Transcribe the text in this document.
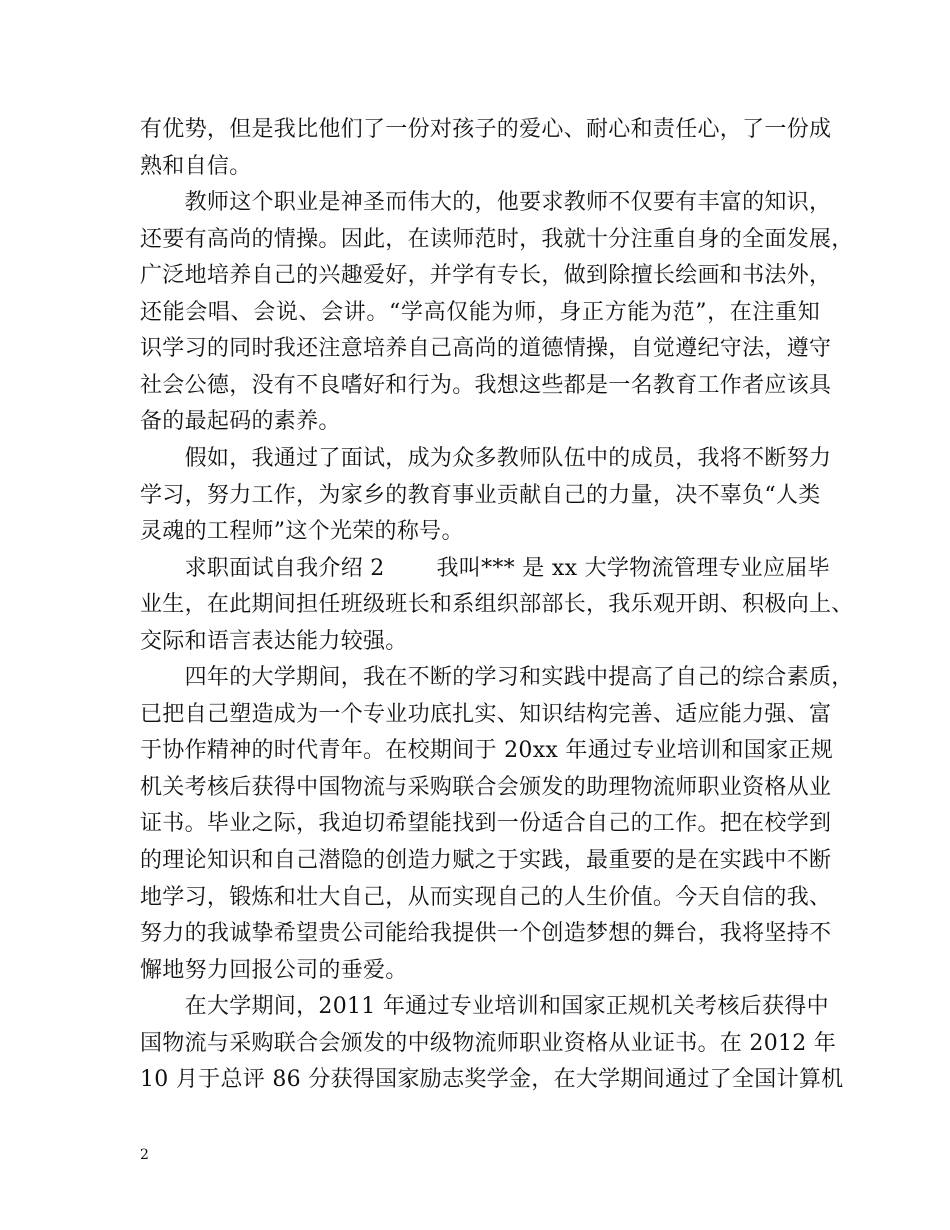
有优势，但是我比他们了一份对孩子的爱心、耐心和责任心，了一份成
熟和自信。
　　教师这个职业是神圣而伟大的，他要求教师不仅要有丰富的知识，
还要有高尚的情操。因此，在读师范时，我就十分注重自身的全面发展，
广泛地培养自己的兴趣爱好，并学有专长，做到除擅长绘画和书法外，
还能会唱、会说、会讲。“学高仅能为师，身正方能为范”，在注重知
识学习的同时我还注意培养自己高尚的道德情操，自觉遵纪守法，遵守
社会公德，没有不良嗜好和行为。我想这些都是一名教育工作者应该具
备的最起码的素养。
　　假如，我通过了面试，成为众多教师队伍中的成员，我将不断努力
学习，努力工作，为家乡的教育事业贡献自己的力量，决不辜负“人类
灵魂的工程师”这个光荣的称号。
　　求职面试自我介绍 2　　 我叫*** 是 xx 大学物流管理专业应届毕
业生，在此期间担任班级班长和系组织部部长，我乐观开朗、积极向上、
交际和语言表达能力较强。
　　四年的大学期间，我在不断的学习和实践中提高了自己的综合素质，
已把自己塑造成为一个专业功底扎实、知识结构完善、适应能力强、富
于协作精神的时代青年。在校期间于 20xx 年通过专业培训和国家正规
机关考核后获得中国物流与采购联合会颁发的助理物流师职业资格从业
证书。毕业之际，我迫切希望能找到一份适合自己的工作。把在校学到
的理论知识和自己潜隐的创造力赋之于实践，最重要的是在实践中不断
地学习，锻炼和壮大自己，从而实现自己的人生价值。今天自信的我、
努力的我诚挚希望贵公司能给我提供一个创造梦想的舞台，我将坚持不
懈地努力回报公司的垂爱。
　　在大学期间，2011 年通过专业培训和国家正规机关考核后获得中
国物流与采购联合会颁发的中级物流师职业资格从业证书。在 2012 年
10 月于总评 86 分获得国家励志奖学金，在大学期间通过了全国计算机
2
